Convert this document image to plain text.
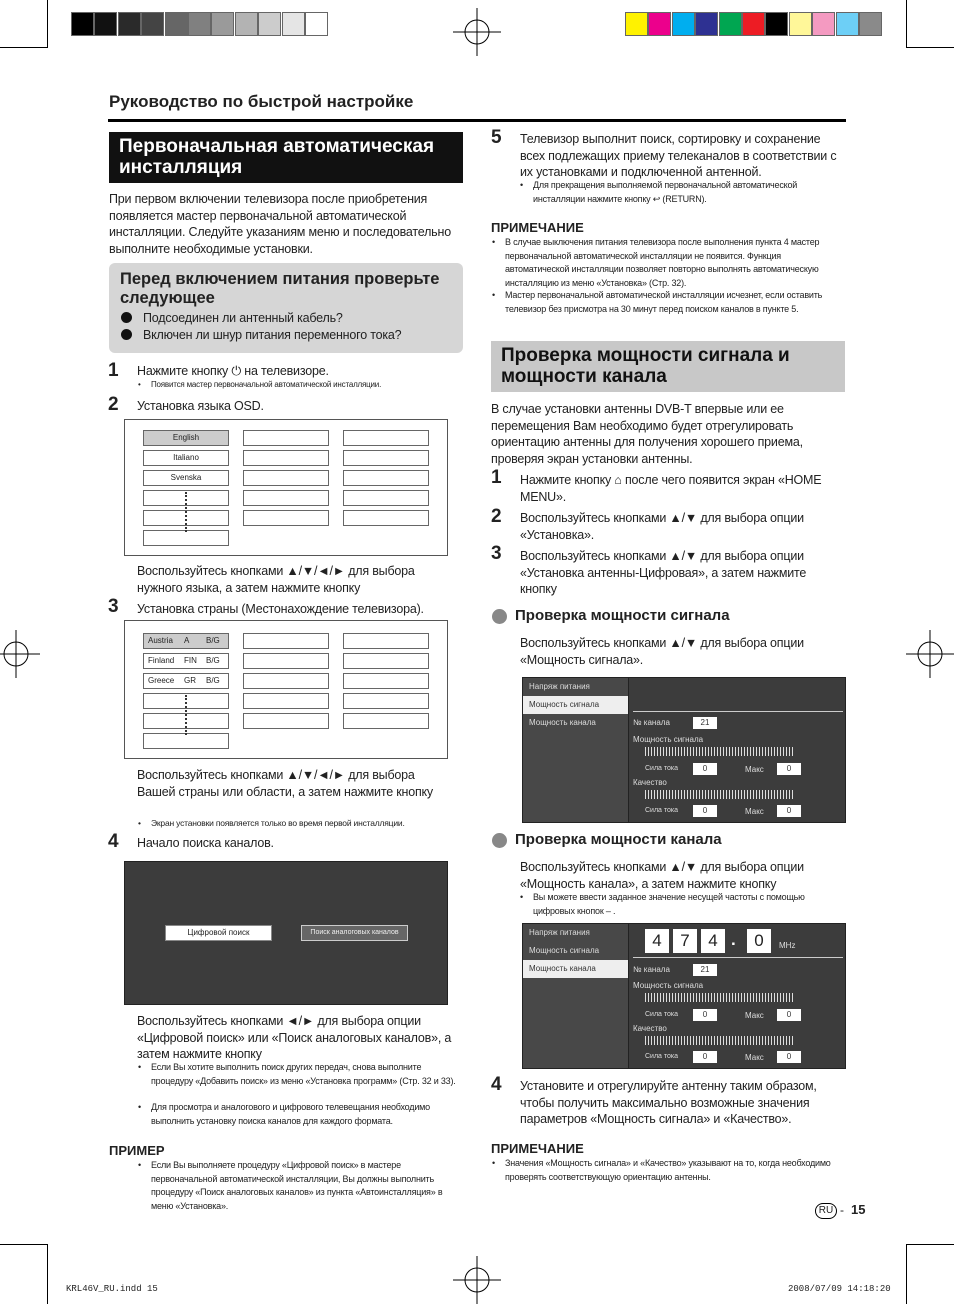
Руководство по быстрой настройке
Первоначальная автоматическая инсталляция
При первом включении телевизора после приобретения появляется мастер первоначальной автоматической инсталляции. Следуйте указаниям меню и последовательно выполните необходимые установки.
Перед включением питания проверьте следующее
Подсоединен ли антенный кабель?
Включен ли шнур питания переменного тока?
1 Нажмите кнопку ⏻ на телевизоре.
• Появится мастер первоначальной автоматической инсталляции.
2 Установка языка OSD.
English
Italiano
Svenska
Воспользуйтесь кнопками ▲/▼/◄/► для выбора нужного языка, а затем нажмите кнопку
3 Установка страны (Местонахождение телевизора).
Austria A B/G
Finland FIN B/G
Greece GR B/G
Воспользуйтесь кнопками ▲/▼/◄/► для выбора Вашей страны или области, а затем нажмите кнопку
• Экран установки появляется только во время первой инсталляции.
4 Начало поиска каналов.
Цифровой поиск	Поиск аналоговых каналов
Воспользуйтесь кнопками ◄/► для выбора опции «Цифровой поиск» или «Поиск аналоговых каналов», а затем нажмите кнопку
• Если Вы хотите выполнить поиск других передач, снова выполните процедуру «Добавить поиск» из меню «Установка программ» (Стр. 32 и 33).
• Для просмотра и аналогового и цифрового телевещания необходимо выполнить установку поиска каналов для каждого формата.
ПРИМЕР
• Если Вы выполняете процедуру «Цифровой поиск» в мастере первоначальной автоматической инсталляции, Вы должны выполнить процедуру «Поиск аналоговых каналов» из пункта «Автоинсталляция» в меню «Установка».
5 Телевизор выполнит поиск, сортировку и сохранение всех подлежащих приему телеканалов в соответствии с их установками и подключенной антенной.
• Для прекращения выполняемой первоначальной автоматической инсталляции нажмите кнопку ↩ (RETURN).
ПРИМЕЧАНИЕ
• В случае выключения питания телевизора после выполнения пункта 4 мастер первоначальной автоматической инсталляции не появится. Функция автоматической инсталляции позволяет повторно выполнять автоматическую инсталляцию из меню «Установка» (Стр. 32).
• Мастер первоначальной автоматической инсталляции исчезнет, если оставить телевизор без присмотра на 30 минут перед поиском каналов в пункте 5.
Проверка мощности сигнала и мощности канала
В случае установки антенны DVB-T впервые или ее перемещения Вам необходимо будет отрегулировать ориентацию антенны для получения хорошего приема, проверяя экран установки антенны.
1 Нажмите кнопку ⌂ после чего появится экран «HOME MENU».
2 Воспользуйтесь кнопками ▲/▼ для выбора опции «Установка».
3 Воспользуйтесь кнопками ▲/▼ для выбора опции «Установка антенны-Цифровая», а затем нажмите кнопку
Проверка мощности сигнала
Воспользуйтесь кнопками ▲/▼ для выбора опции «Мощность сигнала».
Напряж питания
Мощность сигнала
Мощность канала	№ канала	21
Мощность сигнала
Сила тока	0	Макс	0
Качество
Сила тока	0	Макс	0
Проверка мощности канала
Воспользуйтесь кнопками ▲/▼ для выбора опции «Мощность канала», а затем нажмите кнопку
• Вы можете ввести заданное значение несущей частоты с помощью цифровых кнопок – .
Напряж питания
Мощность сигнала
Мощность канала
4	7	4 .	0	MHz
№ канала	21
Мощность сигнала
Сила тока	0	Макс	0
Качество
Сила тока	0	Макс	0
4 Установите и отрегулируйте антенну таким образом, чтобы получить максимально возможные значения параметров «Мощность сигнала» и «Качество».
ПРИМЕЧАНИЕ
• Значения «Мощность сигнала» и «Качество» указывают на то, когда необходимо проверять соответствующую ориентацию антенны.
RU - 15
KRL46V_RU.indd 15	2008/07/09 14:18:20
